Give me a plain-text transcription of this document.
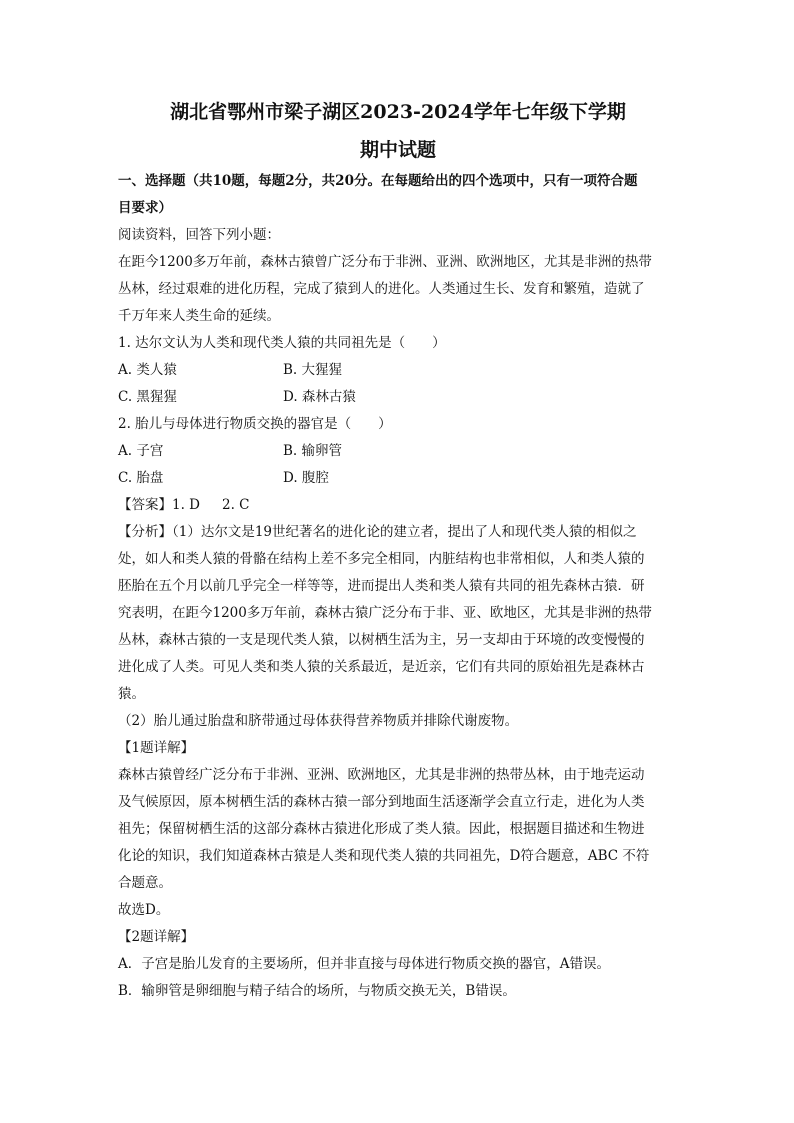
湖北省鄂州市梁子湖区2023-2024学年七年级下学期
期中试题

一、选择题（共10题，每题2分，共20分。在每题给出的四个选项中，只有一项符合题

目要求）

阅读资料，回答下列小题：

在距今1200多万年前，森林古猿曾广泛分布于非洲、亚洲、欧洲地区，尤其是非洲的热带

丛林，经过艰难的进化历程，完成了猿到人的进化。人类通过生长、发育和繁殖，造就了

千万年来人类生命的延续。

1. 达尔文认为人类和现代类人猿的共同祖先是（　　）

A. 类人猿	B. 大猩猩
C. 黑猩猩	D. 森林古猿

2. 胎儿与母体进行物质交换的器官是（　　）

A. 子宫	B. 输卵管
C. 胎盘	D. 腹腔

【答案】1. D 2. C

【分析】（1）达尔文是19世纪著名的进化论的建立者，提出了人和现代类人猿的相似之

处，如人和类人猿的骨骼在结构上差不多完全相同，内脏结构也非常相似，人和类人猿的

胚胎在五个月以前几乎完全一样等等，进而提出人类和类人猿有共同的祖先森林古猿．研

究表明，在距今1200多万年前，森林古猿广泛分布于非、亚、欧地区，尤其是非洲的热带

丛林，森林古猿的一支是现代类人猿，以树栖生活为主，另一支却由于环境的改变慢慢的

进化成了人类。可见人类和类人猿的关系最近，是近亲，它们有共同的原始祖先是森林古

猿。

（2）胎儿通过胎盘和脐带通过母体获得营养物质并排除代谢废物。

【1题详解】

森林古猿曾经广泛分布于非洲、亚洲、欧洲地区，尤其是非洲的热带丛林，由于地壳运动

及气候原因，原本树栖生活的森林古猿一部分到地面生活逐渐学会直立行走，进化为人类

祖先；保留树栖生活的这部分森林古猿进化形成了类人猿。因此，根据题目描述和生物进

化论的知识，我们知道森林古猿是人类和现代类人猿的共同祖先，D符合题意，ABC 不符

合题意。

故选D。

【2题详解】

A．子宫是胎儿发育的主要场所，但并非直接与母体进行物质交换的器官，A错误。

B．输卵管是卵细胞与精子结合的场所，与物质交换无关，B错误。
